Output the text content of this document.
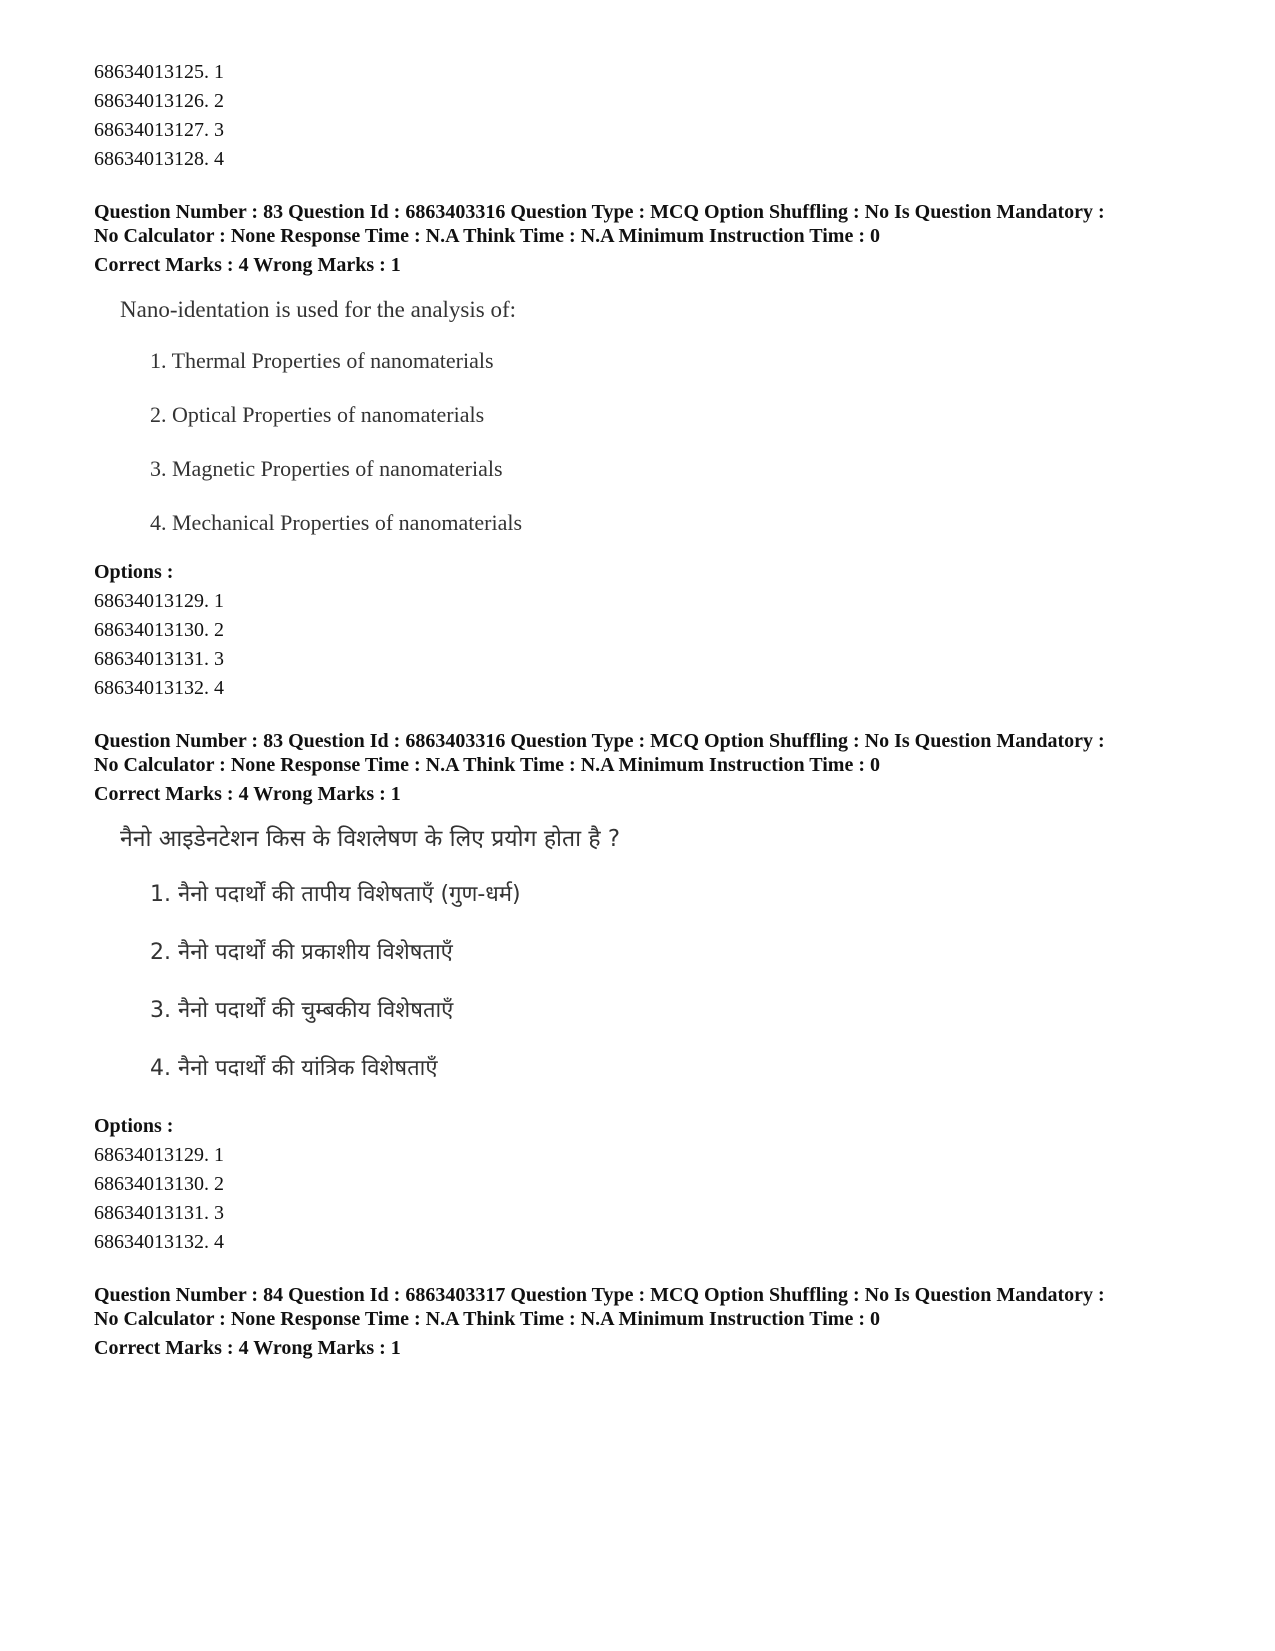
68634013125. 1
68634013126. 2
68634013127. 3
68634013128. 4
Question Number : 83 Question Id : 6863403316 Question Type : MCQ Option Shuffling : No Is Question Mandatory :
No Calculator : None Response Time : N.A Think Time : N.A Minimum Instruction Time : 0
Correct Marks : 4 Wrong Marks : 1
Nano-identation is used for the analysis of:
1. Thermal Properties of nanomaterials
2. Optical Properties of nanomaterials
3. Magnetic Properties of nanomaterials
4. Mechanical Properties of nanomaterials
Options :
68634013129. 1
68634013130. 2
68634013131. 3
68634013132. 4
Question Number : 83 Question Id : 6863403316 Question Type : MCQ Option Shuffling : No Is Question Mandatory :
No Calculator : None Response Time : N.A Think Time : N.A Minimum Instruction Time : 0
Correct Marks : 4 Wrong Marks : 1
नैनो आइडेनटेशन किस के विशलेषण के लिए प्रयोग होता है ?
1. नैनो पदार्थों की तापीय विशेषताएँ (गुण-धर्म)
2. नैनो पदार्थों की प्रकाशीय विशेषताएँ
3. नैनो पदार्थों की चुम्बकीय विशेषताएँ
4. नैनो पदार्थों की यांत्रिक विशेषताएँ
Options :
68634013129. 1
68634013130. 2
68634013131. 3
68634013132. 4
Question Number : 84 Question Id : 6863403317 Question Type : MCQ Option Shuffling : No Is Question Mandatory :
No Calculator : None Response Time : N.A Think Time : N.A Minimum Instruction Time : 0
Correct Marks : 4 Wrong Marks : 1
